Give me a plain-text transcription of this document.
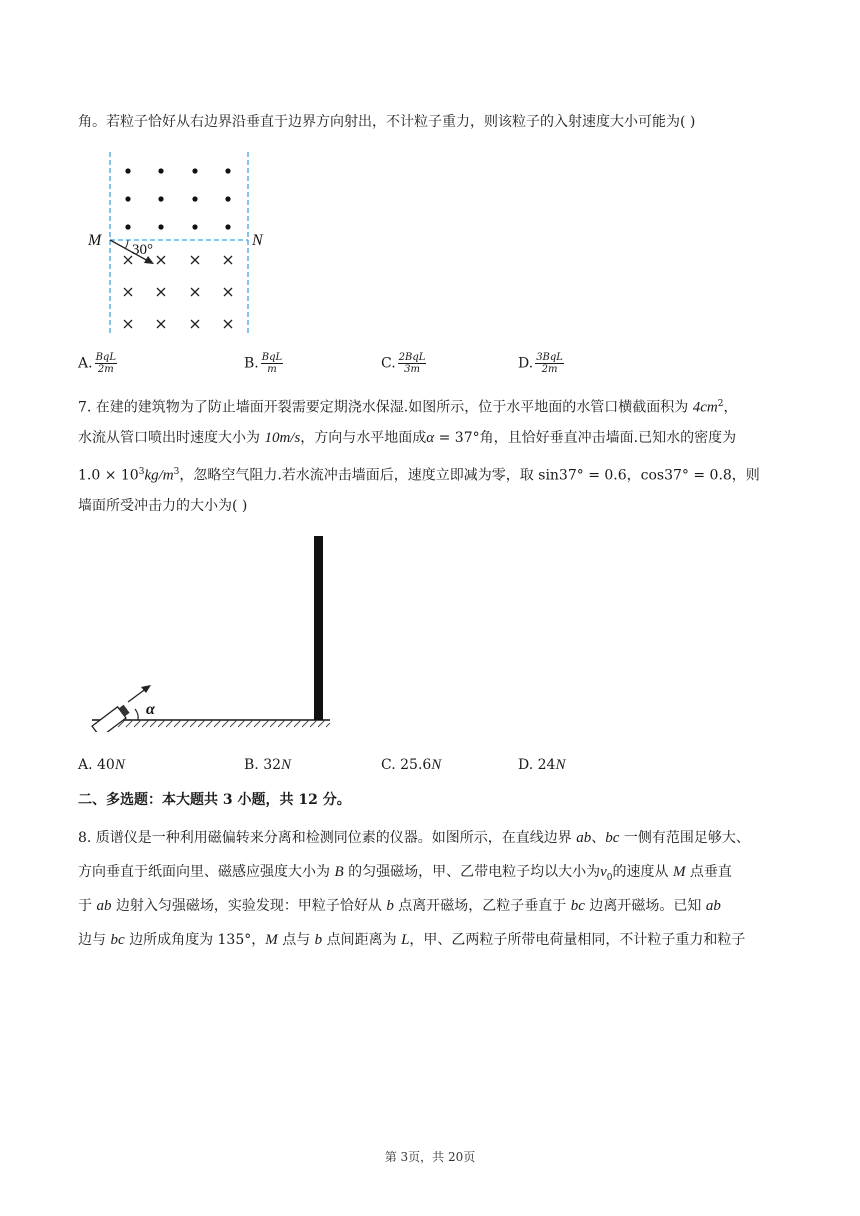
角。若粒子恰好从右边界沿垂直于边界方向射出，不计粒子重力，则该粒子的入射速度大小可能为( )
30°
M	N
A. $\frac{\text{BqL}}{2m}$	B. $\frac{\text{BqL}}{m}$	C. $\frac{\text{2BqL}}{3m}$	D. $\frac{\text{3BqL}}{2m}$
7. 在建的建筑物为了防止墙面开裂需要定期浇水保湿.如图所示，位于水平地面的水管口横截面积为 $4cm^2$，
水流从管口喷出时速度大小为 10m/s，方向与水平地面成α = 37°角，且恰好垂直冲击墙面.已知水的密度为
$1.0 \times 10^3kg/m^3$，忽略空气阻力.若水流冲击墙面后，速度立即减为零，取 sin37° = 0.6，cos37° = 0.8，则
墙面所受冲击力的大小为( )
α
A. 40N	B. 32N	C. 25.6N	D. 24N
二、多选题：本大题共 3 小题，共 12 分。
8. 质谱仪是一种利用磁偏转来分离和检测同位素的仪器。如图所示，在直线边界 ab、bc 一侧有范围足够大、
方向垂直于纸面向里、磁感应强度大小为 B 的匀强磁场，甲、乙带电粒子均以大小为$v_0$的速度从 M 点垂直
于 ab 边射入匀强磁场，实验发现：甲粒子恰好从 b 点离开磁场，乙粒子垂直于 bc 边离开磁场。已知 ab
边与 bc 边所成角度为 135°，M 点与 b 点间距离为 L，甲、乙两粒子所带电荷量相同，不计粒子重力和粒子
第 3页，共 20页
